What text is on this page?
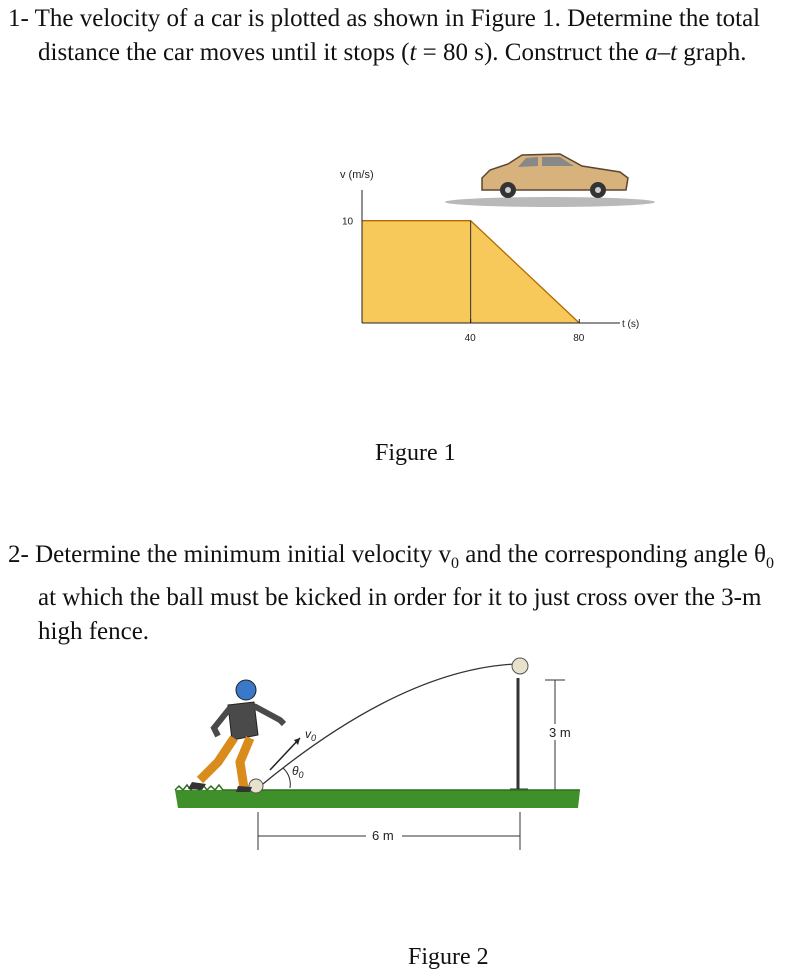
1- The velocity of a car is plotted as shown in Figure 1. Determine the total
distance the car moves until it stops (t = 80 s). Construct the a–t graph.
v (m/s)
10
40	80
t (s)
Figure 1
2- Determine the minimum initial velocity $v_0$ and the corresponding angle $\theta_0$
at which the ball must be kicked in order for it to just cross over the 3-m
high fence.
3 m
$v_0$
$\theta_0$
6 m
Figure 2
